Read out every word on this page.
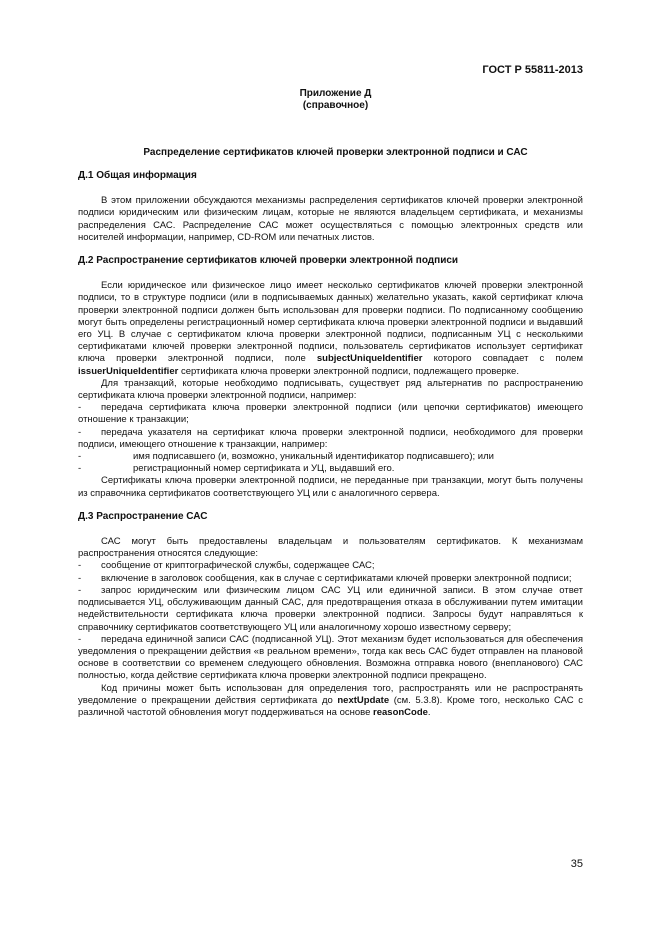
ГОСТ Р 55811-2013
Приложение Д
(справочное)
Распределение сертификатов ключей проверки электронной подписи и САС

Д.1 Общая информация

В этом приложении обсуждаются механизмы распределения сертификатов ключей проверки электронной подписи юридическим или физическим лицам, которые не являются владельцем сертификата, и механизмы распределения САС. Распределение САС может осуществляться с помощью электронных средств или носителей информации, например, CD-ROM или печатных листов.

Д.2 Распространение сертификатов ключей проверки электронной подписи

Если юридическое или физическое лицо имеет несколько сертификатов ключей проверки электронной подписи, то в структуре подписи (или в подписываемых данных) желательно указать, какой сертификат ключа проверки электронной подписи должен быть использован для проверки подписи. По подписанному сообщению могут быть определены регистрационный номер сертификата ключа проверки электронной подписи и выдавший его УЦ. В случае с сертификатом ключа проверки электронной подписи, подписанным УЦ с несколькими сертификатами ключей проверки электронной подписи, пользователь сертификатов использует сертификат ключа проверки электронной подписи, поле subjectUniqueIdentifier которого совпадает с полем issuerUniqueIdentifier сертификата ключа проверки электронной подписи, подлежащего проверке.

Для транзакций, которые необходимо подписывать, существует ряд альтернатив по распространению сертификата ключа проверки электронной подписи, например:

- передача сертификата ключа проверки электронной подписи (или цепочки сертификатов) имеющего отношение к транзакции;

- передача указателя на сертификат ключа проверки электронной подписи, необходимого для проверки подписи, имеющего отношение к транзакции, например:

-	имя подписавшего (и, возможно, уникальный идентификатор подписавшего); или

-	регистрационный номер сертификата и УЦ, выдавший его.

Сертификаты ключа проверки электронной подписи, не переданные при транзакции, могут быть получены из справочника сертификатов соответствующего УЦ или с аналогичного сервера.

Д.3 Распространение САС

САС могут быть предоставлены владельцам и пользователям сертификатов. К механизмам распространения относятся следующие:

- сообщение от криптографической службы, содержащее САС;

- включение в заголовок сообщения, как в случае с сертификатами ключей проверки электронной подписи;

- запрос юридическим или физическим лицом САС УЦ или единичной записи. В этом случае ответ подписывается УЦ, обслуживающим данный САС, для предотвращения отказа в обслуживании путем имитации недействительности сертификата ключа проверки электронной подписи. Запросы будут направляться к справочнику сертификатов соответствующего УЦ или аналогичному хорошо известному серверу;

- передача единичной записи САС (подписанной УЦ). Этот механизм будет использоваться для обеспечения уведомления о прекращении действия «в реальном времени», тогда как весь САС будет отправлен на плановой основе в соответствии со временем следующего обновления. Возможна отправка нового (внепланового) САС полностью, когда действие сертификата ключа проверки электронной подписи прекращено.

Код причины может быть использован для определения того, распространять или не распространять уведомление о прекращении действия сертификата до nextUpdate (см. 5.3.8). Кроме того, несколько САС с различной частотой обновления могут поддерживаться на основе reasonCode.

35
